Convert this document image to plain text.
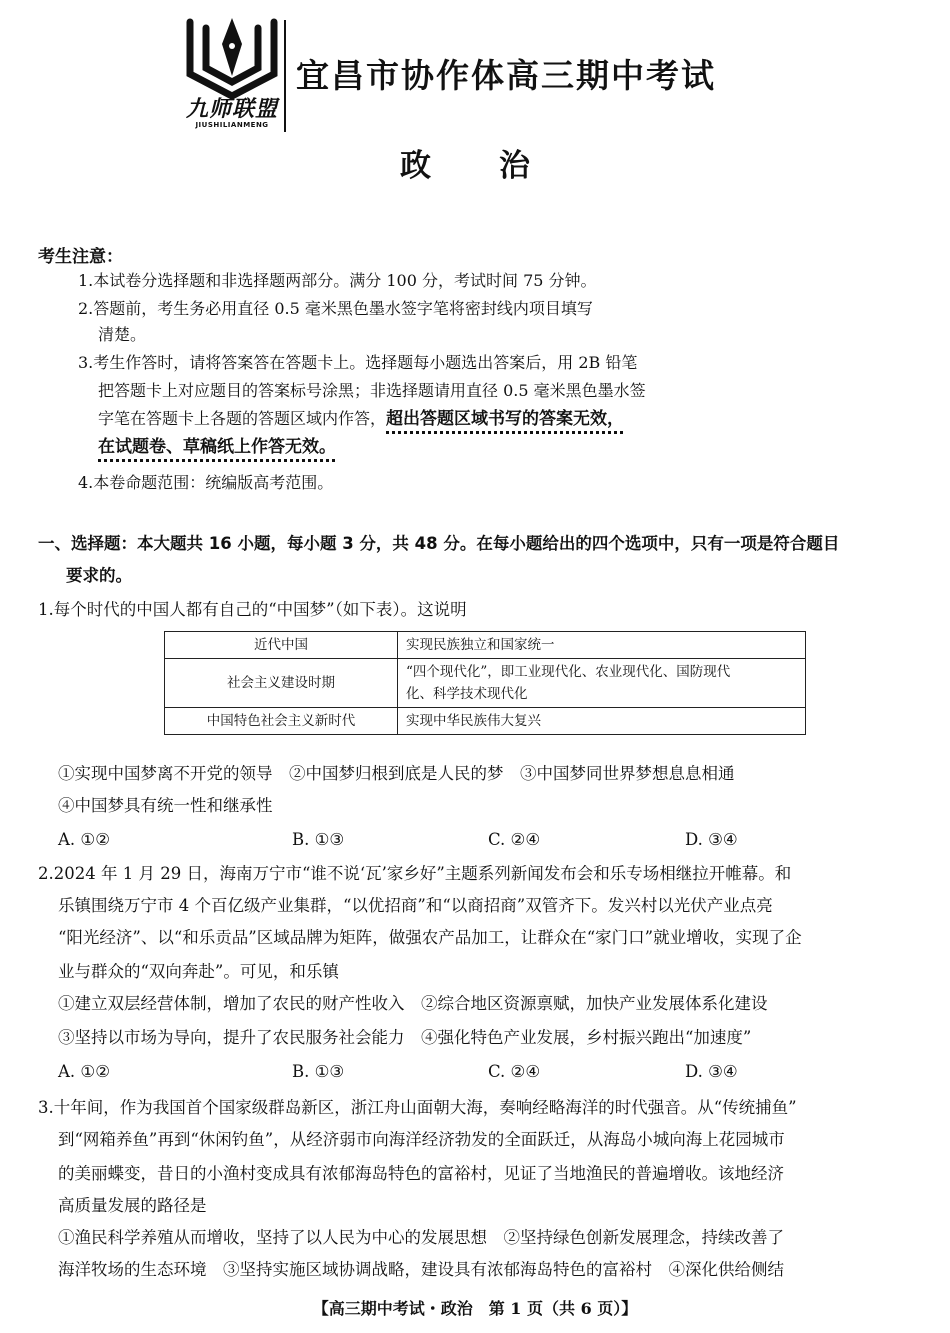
九师联盟
JIUSHILIANMENG
宜昌市协作体高三期中考试
政治
考生注意：
1.本试卷分选择题和非选择题两部分。满分 100 分，考试时间 75 分钟。
2.答题前，考生务必用直径 0.5 毫米黑色墨水签字笔将密封线内项目填写
清楚。
3.考生作答时，请将答案答在答题卡上。选择题每小题选出答案后，用 2B 铅笔
把答题卡上对应题目的答案标号涂黑；非选择题请用直径 0.5 毫米黑色墨水签
字笔在答题卡上各题的答题区域内作答，超出答题区域书写的答案无效，
在试题卷、草稿纸上作答无效。
4.本卷命题范围：统编版高考范围。
一、选择题：本大题共 16 小题，每小题 3 分，共 48 分。在每小题给出的四个选项中，只有一项是符合题目
要求的。
1.每个时代的中国人都有自己的“中国梦”（如下表）。这说明
近代中国	实现民族独立和国家统一
社会主义建设时期	“四个现代化”，即工业现代化、农业现代化、国防现代
化、科学技术现代化

中国特色社会主义新时代	实现中华民族伟大复兴
①实现中国梦离不开党的领导　②中国梦归根到底是人民的梦　③中国梦同世界梦想息息相通
④中国梦具有统一性和继承性
A. ①②	B. ①③	C. ②④	D. ③④
2.2024 年 1 月 29 日，海南万宁市“谁不说‘瓦’家乡好”主题系列新闻发布会和乐专场相继拉开帷幕。和
乐镇围绕万宁市 4 个百亿级产业集群，“以优招商”和“以商招商”双管齐下。发兴村以光伏产业点亮
“阳光经济”、以“和乐贡品”区域品牌为矩阵，做强农产品加工，让群众在“家门口”就业增收，实现了企
业与群众的“双向奔赴”。可见，和乐镇
①建立双层经营体制，增加了农民的财产性收入　②综合地区资源禀赋，加快产业发展体系化建设
③坚持以市场为导向，提升了农民服务社会能力　④强化特色产业发展，乡村振兴跑出“加速度”
A. ①②	B. ①③	C. ②④	D. ③④
3.十年间，作为我国首个国家级群岛新区，浙江舟山面朝大海，奏响经略海洋的时代强音。从“传统捕鱼”
到“网箱养鱼”再到“休闲钓鱼”，从经济弱市向海洋经济勃发的全面跃迁，从海岛小城向海上花园城市
的美丽蝶变，昔日的小渔村变成具有浓郁海岛特色的富裕村，见证了当地渔民的普遍增收。该地经济
高质量发展的路径是
①渔民科学养殖从而增收，坚持了以人民为中心的发展思想　②坚持绿色创新发展理念，持续改善了
海洋牧场的生态环境　③坚持实施区域协调战略，建设具有浓郁海岛特色的富裕村　④深化供给侧结
【高三期中考试・政治　第 1 页（共 6 页）】
